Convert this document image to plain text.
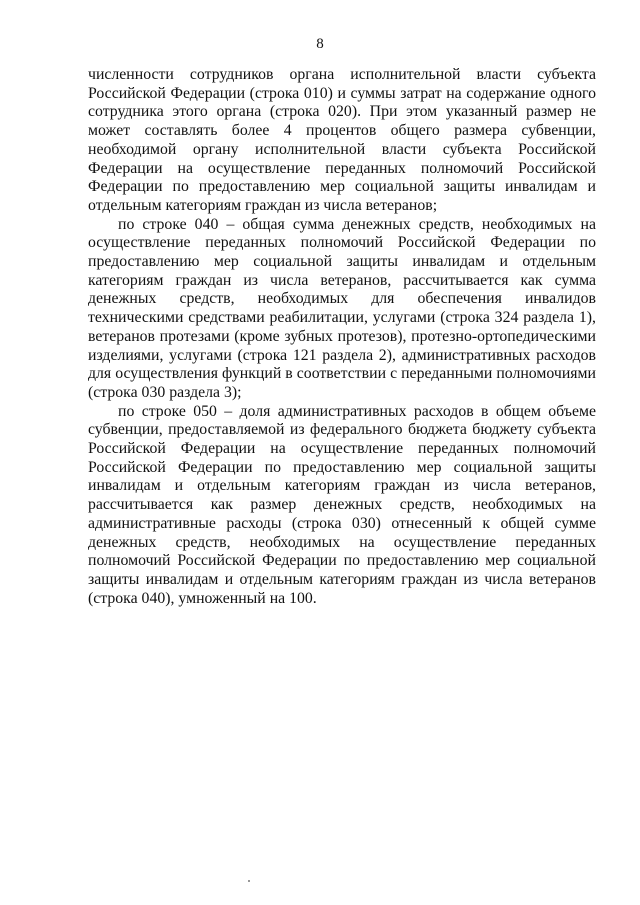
8

численности сотрудников органа исполнительной власти субъекта Российской Федерации (строка 010) и суммы затрат на содержание одного сотрудника этого органа (строка 020). При этом указанный размер не может составлять более 4 процентов общего размера субвенции, необходимой органу исполнительной власти субъекта Российской Федерации на осуществление переданных полномочий Российской Федерации по предоставлению мер социальной защиты инвалидам и отдельным категориям граждан из числа ветеранов;

по строке 040 – общая сумма денежных средств, необходимых на осуществление переданных полномочий Российской Федерации по предоставлению мер социальной защиты инвалидам и отдельным категориям граждан из числа ветеранов, рассчитывается как сумма денежных средств, необходимых для обеспечения инвалидов техническими средствами реабилитации, услугами (строка 324 раздела 1), ветеранов протезами (кроме зубных протезов), протезно-ортопедическими изделиями, услугами (строка 121 раздела 2), административных расходов для осуществления функций в соответствии с переданными полномочиями (строка 030 раздела 3);

по строке 050 – доля административных расходов в общем объеме субвенции, предоставляемой из федерального бюджета бюджету субъекта Российской Федерации на осуществление переданных полномочий Российской Федерации по предоставлению мер социальной защиты инвалидам и отдельным категориям граждан из числа ветеранов, рассчитывается как размер денежных средств, необходимых на административные расходы (строка 030) отнесенный к общей сумме денежных средств, необходимых на осуществление переданных полномочий Российской Федерации по предоставлению мер социальной защиты инвалидам и отдельным категориям граждан из числа ветеранов (строка 040), умноженный на 100.
